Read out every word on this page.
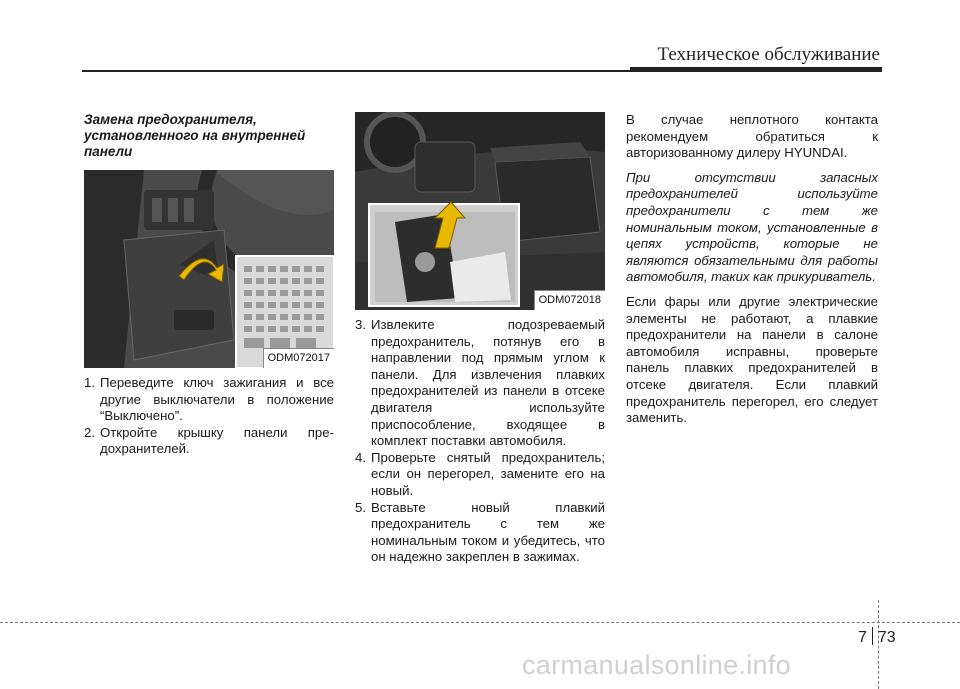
Техническое обслуживание
Замена предохранителя,
установленного на внутренней
панели
ODM072017
1. Переведите ключ зажигания и все другие выключатели в положение “Выключено”.
2. Откройте крышку панели пре‐дохранителей.
ODM072018
3. Извлеките подозреваемый предохранитель, потянув его в направлении под прямым углом к панели. Для извлечения плавких предохранителей из панели в отсеке двигателя используйте приспособление, входящее в комплект поставки автомобиля.
4. Проверьте снятый предохранитель; если он перегорел, замените его на новый.
5. Вставьте новый плавкий предохранитель с тем же номинальным током и убедитесь, что он надежно закреплен в зажимах.

В случае неплотного контакта рекомендуем обратиться к авторизованному дилеру HYUNDAI.

При отсутствии запасных предохранителей используйте предохранители с тем же номинальным током, установленные в цепях устройств, которые не являются обязательными для работы автомобиля, таких как прикуриватель.

Если фары или другие электрические элементы не работают, а плавкие предохранители на панели в салоне автомобиля исправны, проверьте панель плавких предохранителей в отсеке двигателя. Если плавкий предохранитель перегорел, его следует заменить.

7 73
carmanualsonline.info
